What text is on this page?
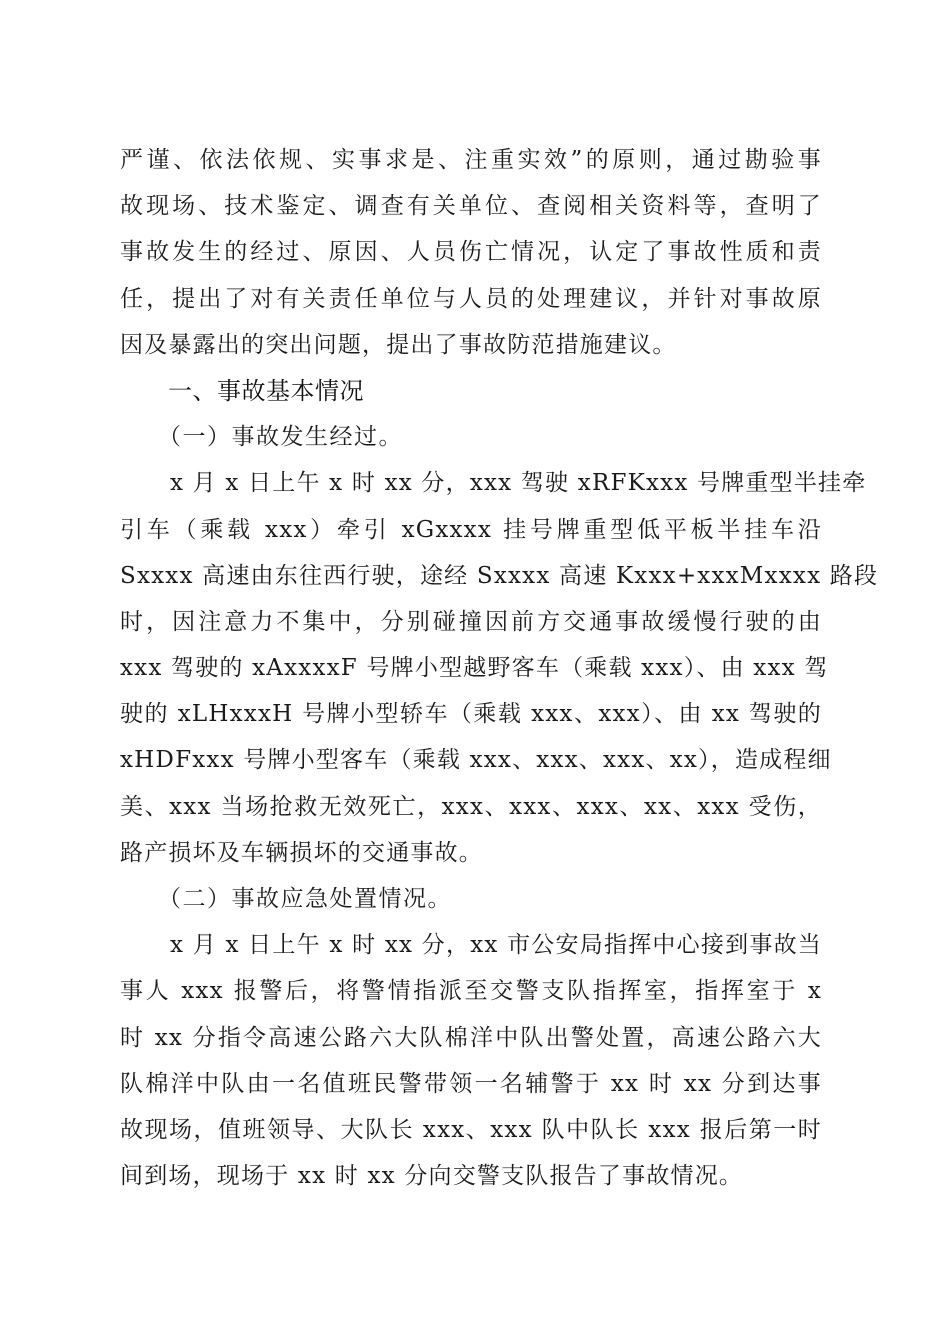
严谨、依法依规、实事求是、注重实效”的原则，通过勘验事
故现场、技术鉴定、调查有关单位、查阅相关资料等，查明了
事故发生的经过、原因、人员伤亡情况，认定了事故性质和责
任，提出了对有关责任单位与人员的处理建议，并针对事故原
因及暴露出的突出问题，提出了事故防范措施建议。
一、事故基本情况
（一）事故发生经过。
x 月 x 日上午 x 时 xx 分，xxx 驾驶 xRFKxxx 号牌重型半挂牵
引车（乘载 xxx）牵引 xGxxxx 挂号牌重型低平板半挂车沿
Sxxxx 高速由东往西行驶，途经 Sxxxx 高速 Kxxx+xxxMxxxx 路段
时，因注意力不集中，分别碰撞因前方交通事故缓慢行驶的由
xxx 驾驶的 xAxxxxF 号牌小型越野客车（乘载 xxx）、由 xxx 驾
驶的 xLHxxxH 号牌小型轿车（乘载 xxx、xxx）、由 xx 驾驶的
xHDFxxx 号牌小型客车（乘载 xxx、xxx、xxx、xx），造成程细
美、xxx 当场抢救无效死亡，xxx、xxx、xxx、xx、xxx 受伤，
路产损坏及车辆损坏的交通事故。
（二）事故应急处置情况。
x 月 x 日上午 x 时 xx 分，xx 市公安局指挥中心接到事故当
事人 xxx 报警后，将警情指派至交警支队指挥室，指挥室于 x
时 xx 分指令高速公路六大队棉洋中队出警处置，高速公路六大
队棉洋中队由一名值班民警带领一名辅警于 xx 时 xx 分到达事
故现场，值班领导、大队长 xxx、xxx 队中队长 xxx 报后第一时
间到场，现场于 xx 时 xx 分向交警支队报告了事故情况。
